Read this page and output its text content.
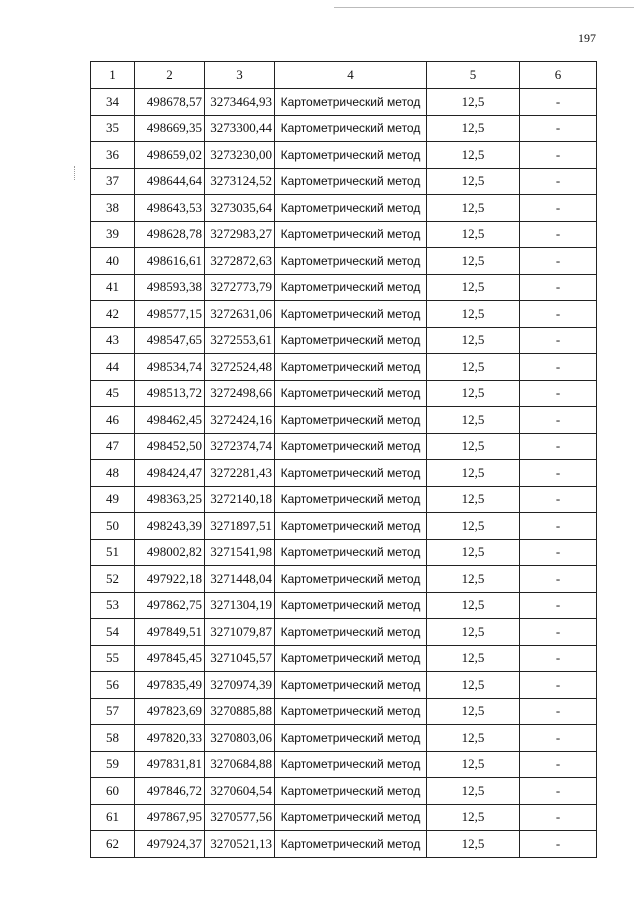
197
1	2	3	4	5	6
34	498678,57	3273464,93	Картометрический метод	12,5	-
35	498669,35	3273300,44	Картометрический метод	12,5	-
36	498659,02	3273230,00	Картометрический метод	12,5	-
37	498644,64	3273124,52	Картометрический метод	12,5	-
38	498643,53	3273035,64	Картометрический метод	12,5	-
39	498628,78	3272983,27	Картометрический метод	12,5	-
40	498616,61	3272872,63	Картометрический метод	12,5	-
41	498593,38	3272773,79	Картометрический метод	12,5	-
42	498577,15	3272631,06	Картометрический метод	12,5	-
43	498547,65	3272553,61	Картометрический метод	12,5	-
44	498534,74	3272524,48	Картометрический метод	12,5	-
45	498513,72	3272498,66	Картометрический метод	12,5	-
46	498462,45	3272424,16	Картометрический метод	12,5	-
47	498452,50	3272374,74	Картометрический метод	12,5	-
48	498424,47	3272281,43	Картометрический метод	12,5	-
49	498363,25	3272140,18	Картометрический метод	12,5	-
50	498243,39	3271897,51	Картометрический метод	12,5	-
51	498002,82	3271541,98	Картометрический метод	12,5	-
52	497922,18	3271448,04	Картометрический метод	12,5	-
53	497862,75	3271304,19	Картометрический метод	12,5	-
54	497849,51	3271079,87	Картометрический метод	12,5	-
55	497845,45	3271045,57	Картометрический метод	12,5	-
56	497835,49	3270974,39	Картометрический метод	12,5	-
57	497823,69	3270885,88	Картометрический метод	12,5	-
58	497820,33	3270803,06	Картометрический метод	12,5	-
59	497831,81	3270684,88	Картометрический метод	12,5	-
60	497846,72	3270604,54	Картометрический метод	12,5	-
61	497867,95	3270577,56	Картометрический метод	12,5	-
62	497924,37	3270521,13	Картометрический метод	12,5	-
